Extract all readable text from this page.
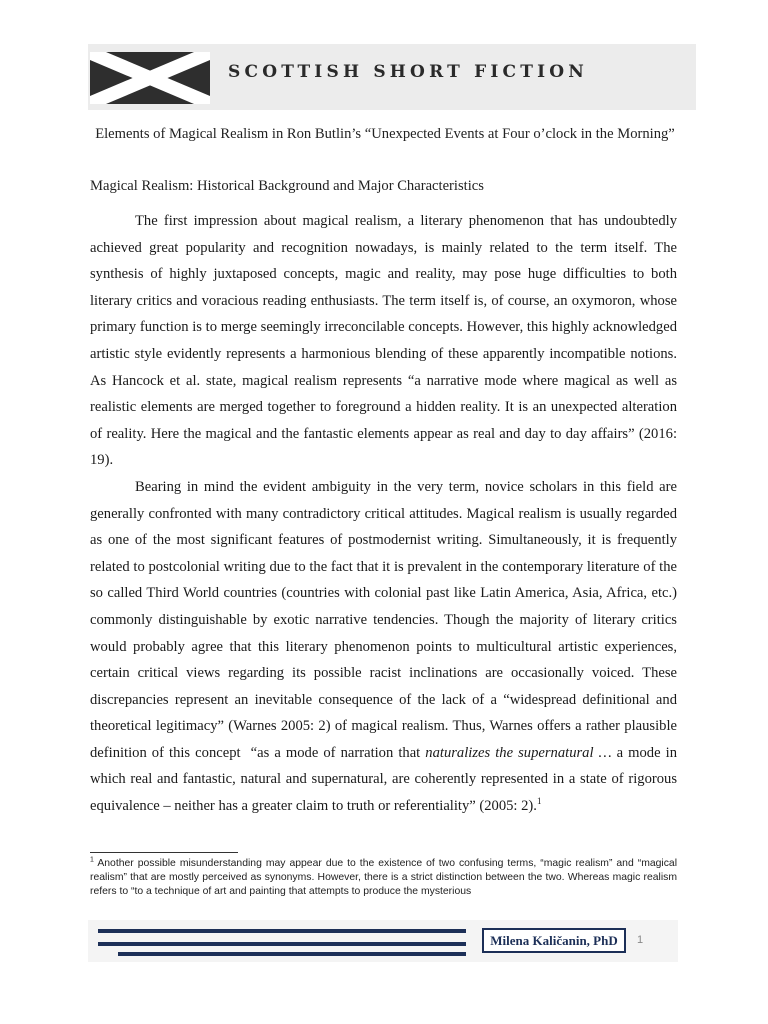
SCOTTISH SHORT FICTION
Elements of Magical Realism in Ron Butlin’s “Unexpected Events at Four o’clock in the Morning”
Magical Realism: Historical Background and Major Characteristics

The first impression about magical realism, a literary phenomenon that has undoubtedly achieved great popularity and recognition nowadays, is mainly related to the term itself. The synthesis of highly juxtaposed concepts, magic and reality, may pose huge difficulties to both literary critics and voracious reading enthusiasts. The term itself is, of course, an oxymoron, whose primary function is to merge seemingly irreconcilable concepts. However, this highly acknowledged artistic style evidently represents a harmonious blending of these apparently incompatible notions. As Hancock et al. state, magical realism represents “a narrative mode where magical as well as realistic elements are merged together to foreground a hidden reality. It is an unexpected alteration of reality. Here the magical and the fantastic elements appear as real and day to day affairs” (2016: 19).

Bearing in mind the evident ambiguity in the very term, novice scholars in this field are generally confronted with many contradictory critical attitudes. Magical realism is usually regarded as one of the most significant features of postmodernist writing. Simultaneously, it is frequently related to postcolonial writing due to the fact that it is prevalent in the contemporary literature of the so called Third World countries (countries with colonial past like Latin America, Asia, Africa, etc.) commonly distinguishable by exotic narrative tendencies. Though the majority of literary critics would probably agree that this literary phenomenon points to multicultural artistic experiences, certain critical views regarding its possible racist inclinations are occasionally voiced. These discrepancies represent an inevitable consequence of the lack of a “widespread definitional and theoretical legitimacy” (Warnes 2005: 2) of magical realism. Thus, Warnes offers a rather plausible definition of this concept  “as a mode of narration that naturalizes the supernatural … a mode in which real and fantastic, natural and supernatural, are coherently represented in a state of rigorous equivalence – neither has a greater claim to truth or referentiality” (2005: 2).$^1$

$^1$ Another possible misunderstanding may appear due to the existence of two confusing terms, “magic realism” and “magical realism” that are mostly perceived as synonyms. However, there is a strict distinction between the two. Whereas magic realism refers to “to a technique of art and painting that attempts to produce the mysterious
Milena Kaličanin, PhD 1
